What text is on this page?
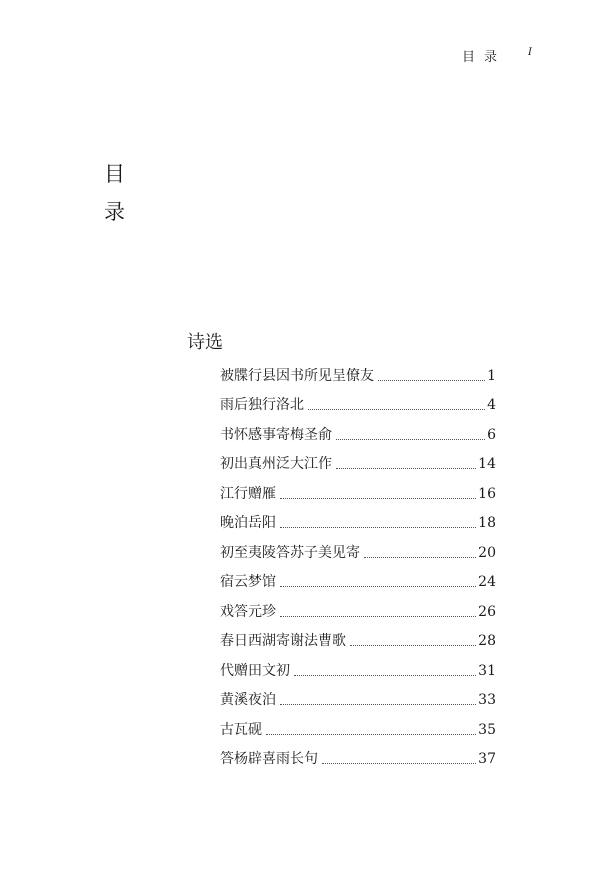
目录 I
目
录
诗选
被牒行县因书所见呈僚友	1
雨后独行洛北	4
书怀感事寄梅圣俞	6
初出真州泛大江作	14
江行赠雁	16
晚泊岳阳	18
初至夷陵答苏子美见寄	20
宿云梦馆	24
戏答元珍	26
春日西湖寄谢法曹歌	28
代赠田文初	31
黄溪夜泊	33
古瓦砚	35
答杨辟喜雨长句	37
